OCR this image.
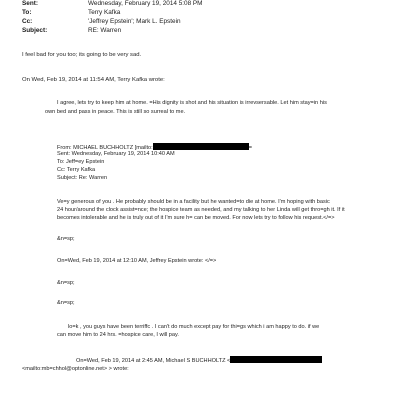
Sent:	Wednesday, February 19, 2014 5:08 PM
To:	Terry Kafka
Cc:	'Jeffrey Epstein'; Mark L. Epstein
Subject:	RE: Warren
I feel bad for you too; its going to be very sad.
On Wed, Feb 19, 2014 at 11:54 AM, Terry Kafka wrote:
I agree, lets try to keep him at home. =His dignity is shot and his situation is irrevsersable. Let him stay=in his
own bed and pass in peace. This is still so surreal to me.
From: MICHAEL BUCHHOLTZ [mailto:	=
Sent: Wednesday, February 19, 2014 10:40 AM
To: Jeff=ey Epstein
Cc: Terry Kafka
Subject: Re: Warren
Ve=y generous of you . He probably should be in a facility but he wanted=to die at home. I'm hoping with basic
24 hour/around the clock assist=nce; the hospice team as needed, and my talking to her Linda will get thro=gh it. If it
becomes intolerable and he is truly out of it I'm sure h= can be moved. For now lets try to follow his request.</=>
&n=sp;
On=Wed, Feb 19, 2014 at 12:10 AM, Jeffrey Epstein wrote: </=>
&n=sp;
&n=sp;
lo=k , you guys have been terriffc . I can't do much except pay for thi=gs which i am happy to do. if we
can move him to 24 hrs. =hospice care, I will pay.
On=Wed, Feb 19, 2014 at 2:45 AM, Michael S BUCHHOLTZ <
<mailto:mb=chhol@optonline.net> > wrote:
